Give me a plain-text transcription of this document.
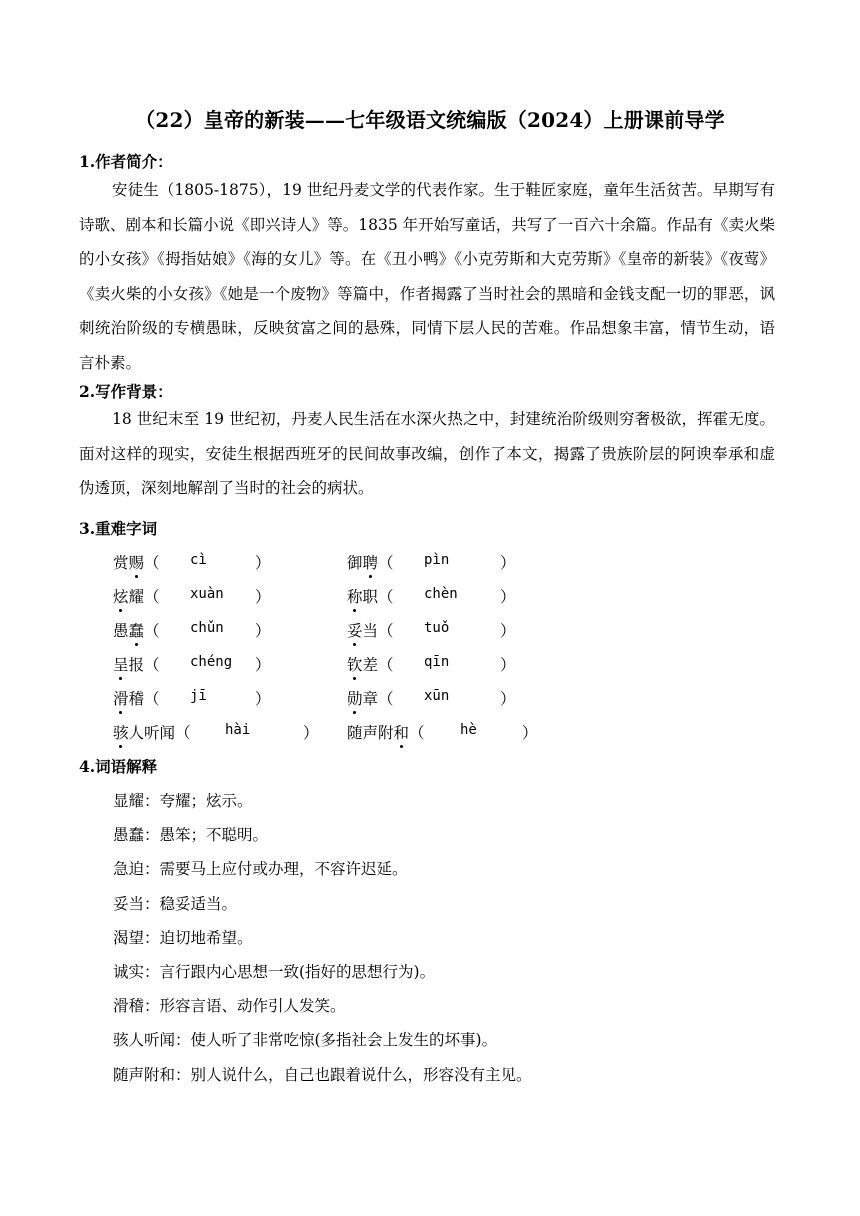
（22）皇帝的新装——七年级语文统编版（2024）上册课前导学
1.作者简介：
安徒生（1805-1875），19 世纪丹麦文学的代表作家。生于鞋匠家庭，童年生活贫苦。早期写有诗歌、剧本和长篇小说《即兴诗人》等。1835 年开始写童话，共写了一百六十余篇。作品有《卖火柴的小女孩》《拇指姑娘》《海的女儿》等。在《丑小鸭》《小克劳斯和大克劳斯》《皇帝的新装》《夜莺》《卖火柴的小女孩》《她是一个废物》等篇中，作者揭露了当时社会的黑暗和金钱支配一切的罪恶，讽刺统治阶级的专横愚昧，反映贫富之间的悬殊，同情下层人民的苦难。作品想象丰富，情节生动，语言朴素。
2.写作背景：
18 世纪末至 19 世纪初，丹麦人民生活在水深火热之中，封建统治阶级则穷奢极欲，挥霍无度。面对这样的现实，安徒生根据西班牙的民间故事改编，创作了本文，揭露了贵族阶层的阿谀奉承和虚伪透顶，深刻地解剖了当时的社会的病状。
3.重难字词
赏赐（ cì	）	御聘（ pìn	）
炫耀（ xuàn ）	称职（ chèn	）
愚蠢（ chǔn ）	妥当（ tuǒ	）
呈报（ chéng ）	钦差（ qīn	）
滑稽（ jī	）	勋章（ xūn	）
骇人听闻（ hài	） 随声附和（	hè	）
4.词语解释
显耀：夸耀；炫示。
愚蠢：愚笨；不聪明。
急迫：需要马上应付或办理，不容许迟延。
妥当：稳妥适当。
渴望：迫切地希望。
诚实：言行跟内心思想一致(指好的思想行为)。
滑稽：形容言语、动作引人发笑。
骇人听闻：使人听了非常吃惊(多指社会上发生的坏事)。
随声附和：别人说什么，自己也跟着说什么，形容没有主见。
